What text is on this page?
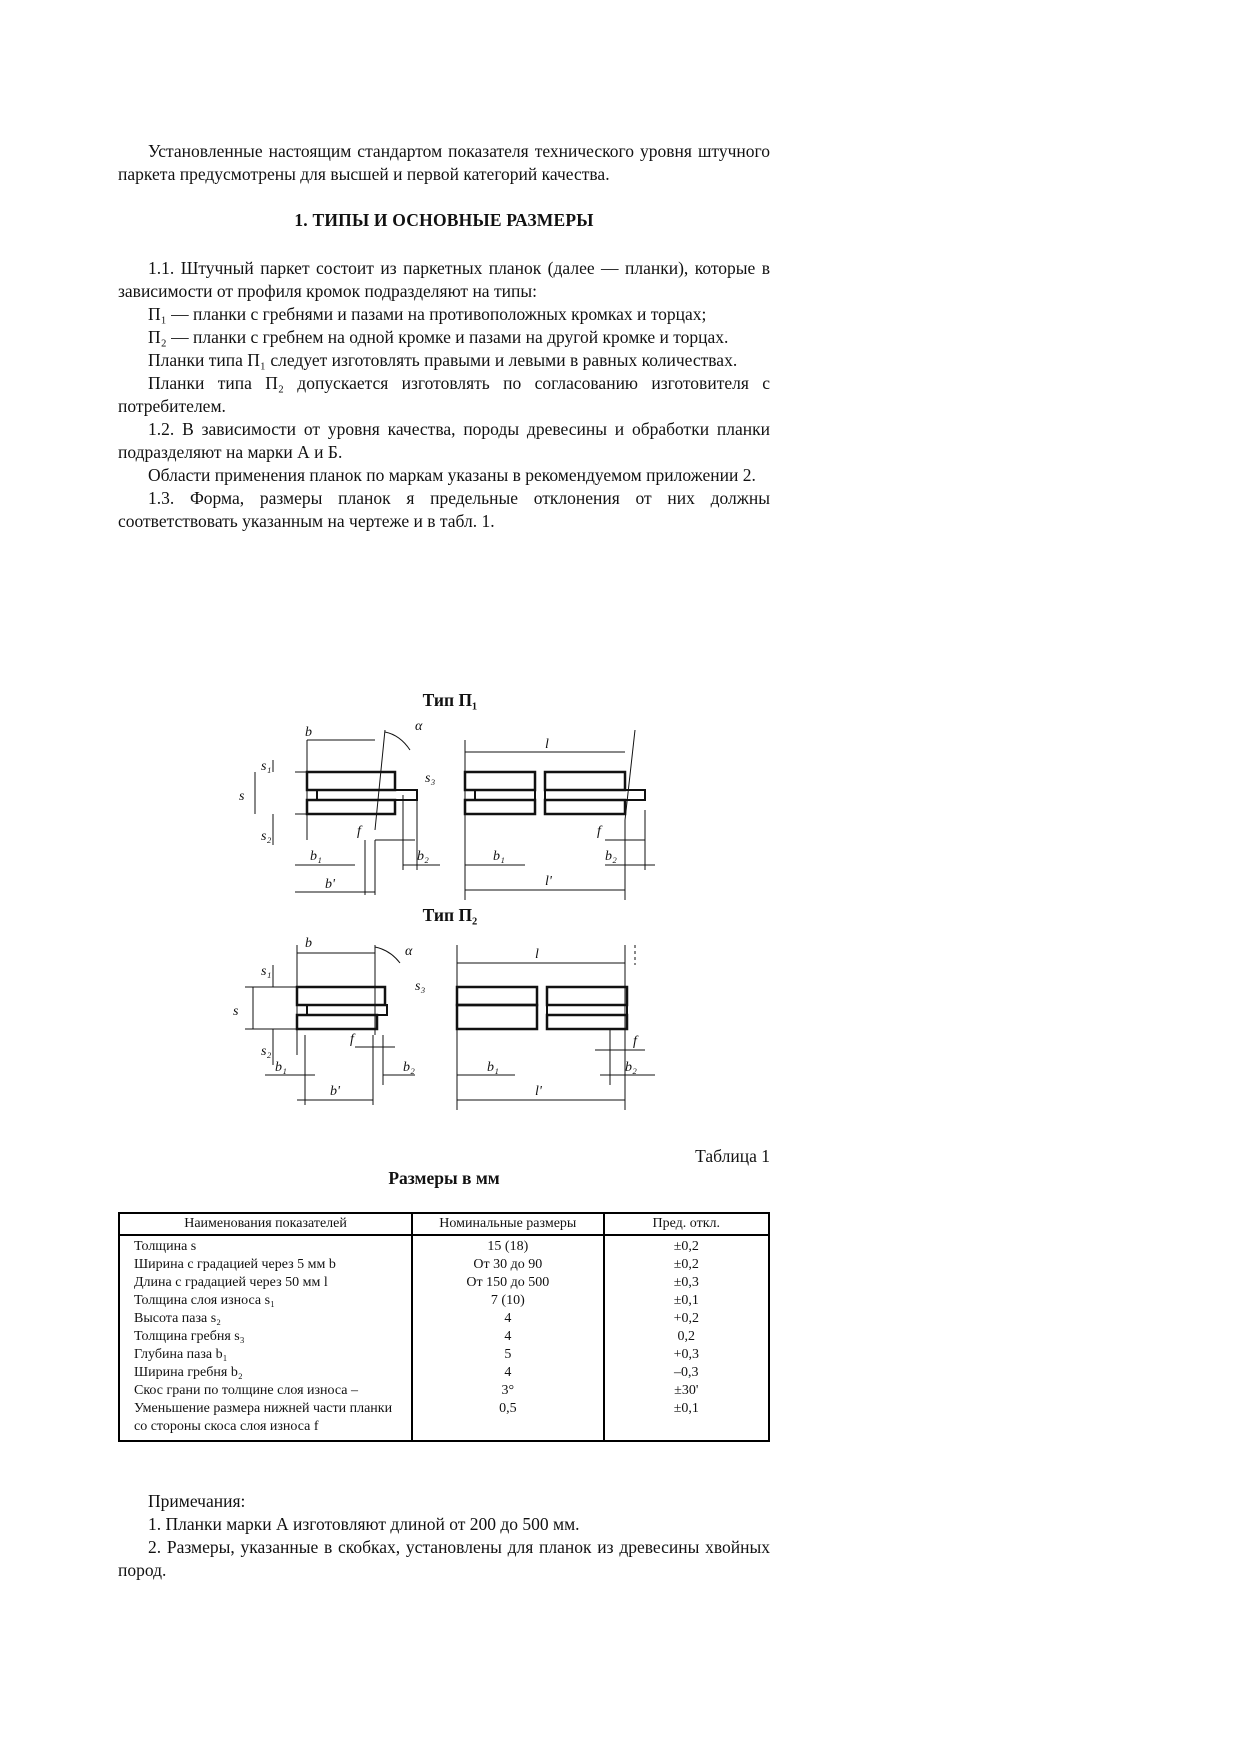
Установленные настоящим стандартом показателя технического уровня штучного паркета предусмотрены для высшей и первой категорий качества.

1. ТИПЫ И ОСНОВНЫЕ РАЗМЕРЫ

1.1. Штучный паркет состоит из паркетных планок (далее — планки), которые в зависимости от профиля кромок подразделяют на типы:

П₁ — планки с гребнями и пазами на противоположных кромках и торцах;

П₂ — планки с гребнем на одной кромке и пазами на другой кромке и торцах.

Планки типа П₁ следует изготовлять правыми и левыми в равных количествах.

Планки типа П₂ допускается изготовлять по согласованию изготовителя с потребителем.

1.2. В зависимости от уровня качества, породы древесины и обработки планки подразделяют на марки А и Б.

Области применения планок по маркам указаны в рекомендуемом приложении 2.

1.3. Форма, размеры планок я предельные отклонения от них должны соответствовать указанным на чертеже и в табл. 1.

Тип П₁
b
s
s₁
s₂
s₃
f
b₁	b₂
b'
α
l
l'
b₁	b₂
f
Тип П₂
b
s
s₁
s₂
s₃
f
b₁	b₂
b'
α	l
l'
b₁	b₂
f
Таблица 1
Размеры в мм
Наименования показателей	Номинальные размеры	Пред. откл.
Толщина s	15 (18)	±0,2
Ширина с градацией через 5 мм b	От 30 до 90	±0,2
Длина с градацией через 50 мм l	От 150 до 500	±0,3
Толщина слоя износа s₁	7 (10)	±0,1
Высота паза s₂	4	+0,2
Толщина гребня s₃	4	0,2
Глубина паза b₁	5	+0,3
Ширина гребня b₂	4	–0,3
Скос грани по толщине слоя износа –	3°	±30'
Уменьшение размера нижней части планки со стороны скоса слоя износа f	0,5	±0,1

Примечания:

1. Планки марки А изготовляют длиной от 200 до 500 мм.

2. Размеры, указанные в скобках, установлены для планок из древесины хвойных пород.
